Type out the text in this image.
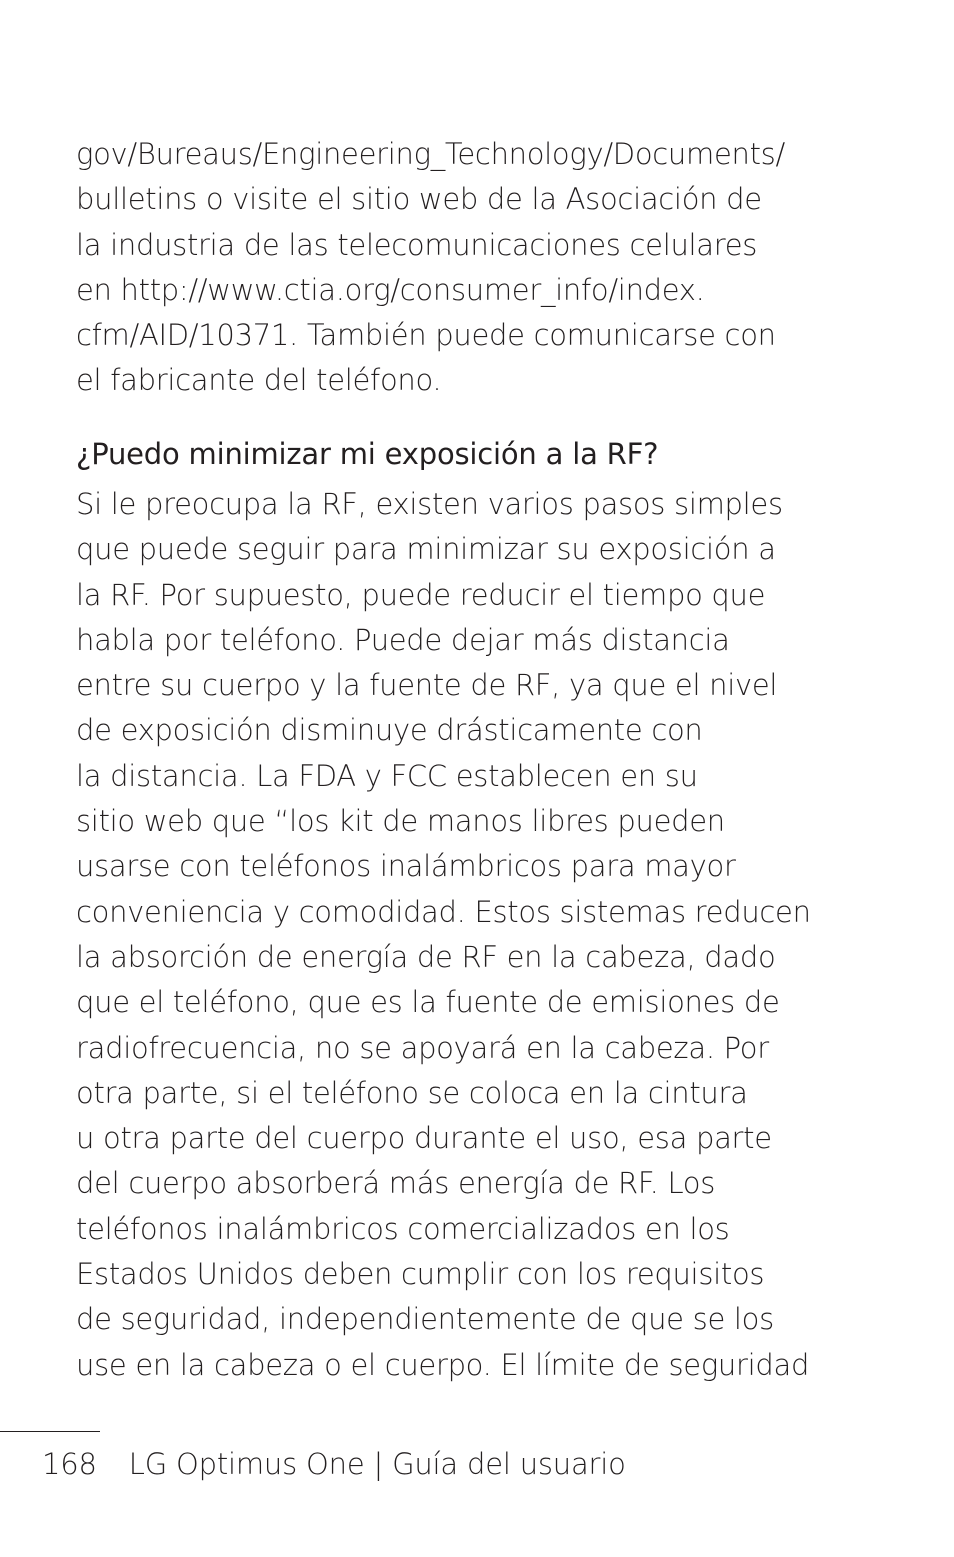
gov/Bureaus/Engineering_Technology/Documents/
bulletins o visite el sitio web de la Asociación de
la industria de las telecomunicaciones celulares
en http://www.ctia.org/consumer_info/index.
cfm/AID/10371. También puede comunicarse con
el fabricante del teléfono.

¿Puedo minimizar mi exposición a la RF?

Si le preocupa la RF, existen varios pasos simples
que puede seguir para minimizar su exposición a
la RF. Por supuesto, puede reducir el tiempo que
habla por teléfono. Puede dejar más distancia
entre su cuerpo y la fuente de RF, ya que el nivel
de exposición disminuye drásticamente con
la distancia. La FDA y FCC establecen en su
sitio web que “los kit de manos libres pueden
usarse con teléfonos inalámbricos para mayor
conveniencia y comodidad. Estos sistemas reducen
la absorción de energía de RF en la cabeza, dado
que el teléfono, que es la fuente de emisiones de
radiofrecuencia, no se apoyará en la cabeza. Por
otra parte, si el teléfono se coloca en la cintura
u otra parte del cuerpo durante el uso, esa parte
del cuerpo absorberá más energía de RF. Los
teléfonos inalámbricos comercializados en los
Estados Unidos deben cumplir con los requisitos
de seguridad, independientemente de que se los
use en la cabeza o el cuerpo. El límite de seguridad

168 LG Optimus One | Guía del usuario
